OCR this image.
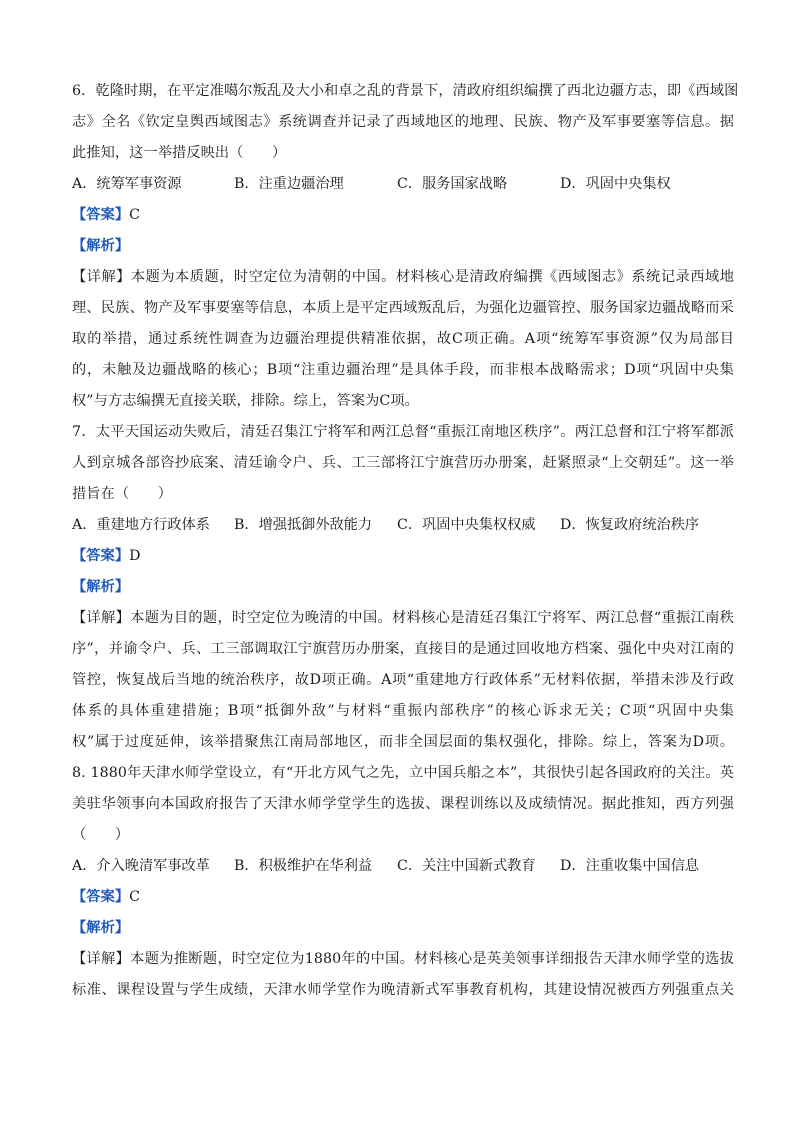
6．乾隆时期，在平定准噶尔叛乱及大小和卓之乱的背景下，清政府组织编撰了西北边疆方志，即《西域图
志》全名《钦定皇舆西域图志》系统调查并记录了西域地区的地理、民族、物产及军事要塞等信息。据
此推知，这一举措反映出（　　）
A．统筹军事资源	B．注重边疆治理	C．服务国家战略	D．巩固中央集权
【答案】C
【解析】
【详解】本题为本质题，时空定位为清朝的中国。材料核心是清政府编撰《西域图志》系统记录西域地
理、民族、物产及军事要塞等信息，本质上是平定西域叛乱后，为强化边疆管控、服务国家边疆战略而采
取的举措，通过系统性调查为边疆治理提供精准依据，故C项正确。A项“统筹军事资源”仅为局部目
的，未触及边疆战略的核心；B项“注重边疆治理”是具体手段，而非根本战略需求；D项“巩固中央集
权”与方志编撰无直接关联，排除。综上，答案为C项。
7．太平天国运动失败后，清廷召集江宁将军和两江总督“重振江南地区秩序”。两江总督和江宁将军都派
人到京城各部咨抄底案、清廷谕令户、兵、工三部将江宁旗营历办册案，赶紧照录“上交朝廷”。这一举
措旨在（　　）
A．重建地方行政体系	B．增强抵御外敌能力	C．巩固中央集权权威	D．恢复政府统治秩序
【答案】D
【解析】
【详解】本题为目的题，时空定位为晚清的中国。材料核心是清廷召集江宁将军、两江总督“重振江南秩
序”，并谕令户、兵、工三部调取江宁旗营历办册案，直接目的是通过回收地方档案、强化中央对江南的
管控，恢复战后当地的统治秩序，故D项正确。A项“重建地方行政体系”无材料依据，举措未涉及行政
体系的具体重建措施；B项“抵御外敌”与材料“重振内部秩序”的核心诉求无关；C项“巩固中央集
权”属于过度延伸，该举措聚焦江南局部地区，而非全国层面的集权强化，排除。综上，答案为D项。
8. 1880年天津水师学堂设立，有“开北方风气之先，立中国兵船之本”，其很快引起各国政府的关注。英
美驻华领事向本国政府报告了天津水师学堂学生的选拔、课程训练以及成绩情况。据此推知，西方列强
（　　）
A．介入晚清军事改革	B．积极维护在华利益	C．关注中国新式教育	D．注重收集中国信息
【答案】C
【解析】
【详解】本题为推断题，时空定位为1880年的中国。材料核心是英美领事详细报告天津水师学堂的选拔
标准、课程设置与学生成绩，天津水师学堂作为晚清新式军事教育机构，其建设情况被西方列强重点关
